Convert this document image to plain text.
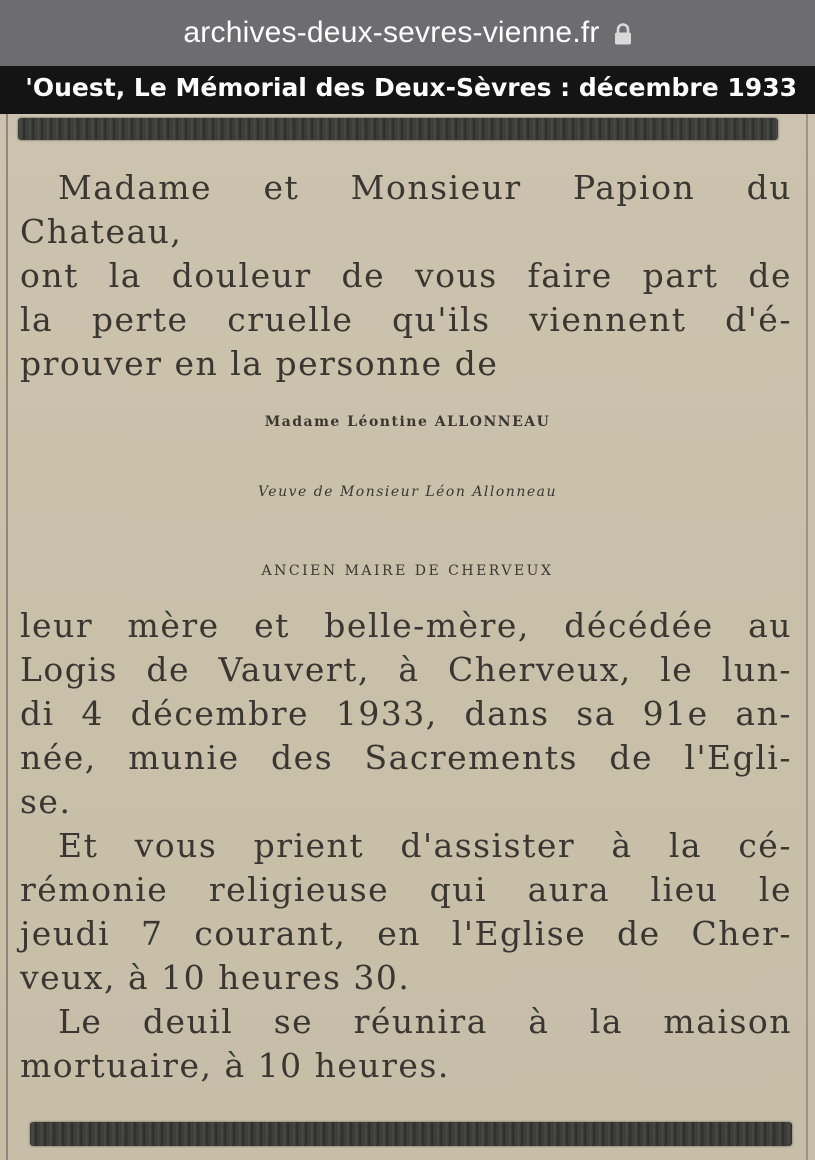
archives-deux-sevres-vienne.fr
'Ouest, Le Mémorial des Deux-Sèvres : décembre 1933
Madame et Monsieur Papion du
Chateau,
ont la douleur de vous faire part de
la perte cruelle qu'ils viennent d'é-
prouver en la personne de
Madame Léontine ALLONNEAU
Veuve de Monsieur Léon Allonneau
ANCIEN MAIRE DE CHERVEUX
leur mère et belle-mère, décédée au
Logis de Vauvert, à Cherveux, le lun-
di 4 décembre 1933, dans sa 91e an-
née, munie des Sacrements de l'Egli-
se.
Et vous prient d'assister à la cé-
rémonie religieuse qui aura lieu le
jeudi 7 courant, en l'Eglise de Cher-
veux, à 10 heures 30.
Le deuil se réunira à la maison
mortuaire, à 10 heures.
